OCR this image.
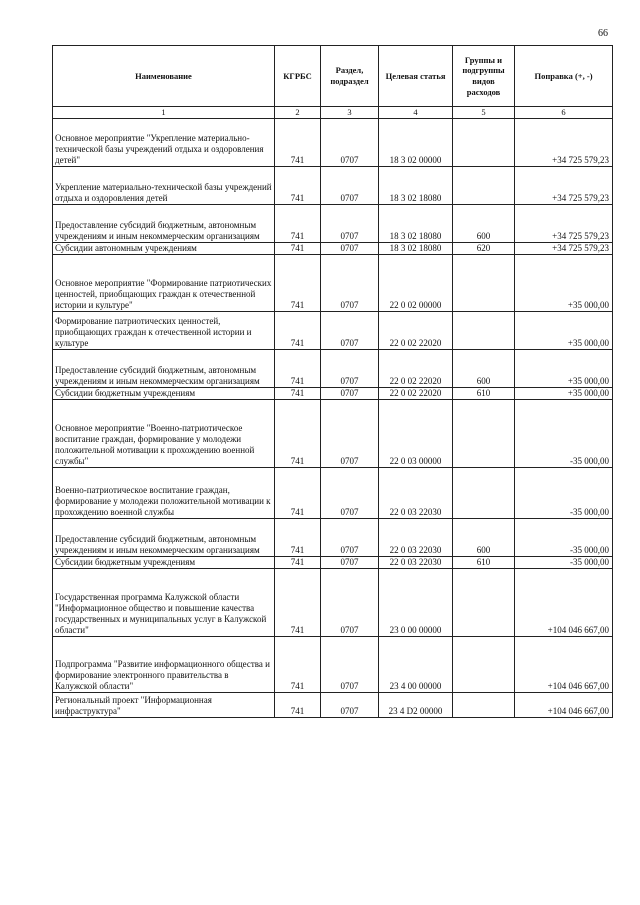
66
Наименование	КГРБС	Раздел, подраздел	Целевая статья	Группы и подгруппы видов расходов	Поправка (+, -)
1	2	3	4	5	6
Основное мероприятие "Укрепление материально-технической базы учреждений отдыха и оздоровления детей"	741	0707	18 3 02 00000		+34 725 579,23
Укрепление материально-технической базы учреждений отдыха и оздоровления детей	741	0707	18 3 02 18080		+34 725 579,23
Предоставление субсидий бюджетным, автономным учреждениям и иным некоммерческим организациям	741	0707	18 3 02 18080	600	+34 725 579,23
Субсидии автономным учреждениям	741	0707	18 3 02 18080	620	+34 725 579,23
Основное мероприятие "Формирование патриотических ценностей, приобщающих граждан к отечественной истории и культуре"	741	0707	22 0 02 00000		+35 000,00
Формирование патриотических ценностей, приобщающих граждан к отечественной истории и культуре	741	0707	22 0 02 22020		+35 000,00
Предоставление субсидий бюджетным, автономным учреждениям и иным некоммерческим организациям	741	0707	22 0 02 22020	600	+35 000,00
Субсидии бюджетным учреждениям	741	0707	22 0 02 22020	610	+35 000,00
Основное мероприятие "Военно-патриотическое воспитание граждан, формирование у молодежи положительной мотивации к прохождению военной службы"	741	0707	22 0 03 00000		-35 000,00
Военно-патриотическое воспитание граждан, формирование у молодежи положительной мотивации к прохождению военной службы	741	0707	22 0 03 22030		-35 000,00
Предоставление субсидий бюджетным, автономным учреждениям и иным некоммерческим организациям	741	0707	22 0 03 22030	600	-35 000,00
Субсидии бюджетным учреждениям	741	0707	22 0 03 22030	610	-35 000,00
Государственная программа Калужской области "Информационное общество и повышение качества государственных и муниципальных услуг в Калужской области"	741	0707	23 0 00 00000		+104 046 667,00
Подпрограмма "Развитие информационного общества и формирование электронного правительства в Калужской области"	741	0707	23 4 00 00000		+104 046 667,00
Региональный проект "Информационная инфраструктура"	741	0707	23 4 D2 00000		+104 046 667,00
